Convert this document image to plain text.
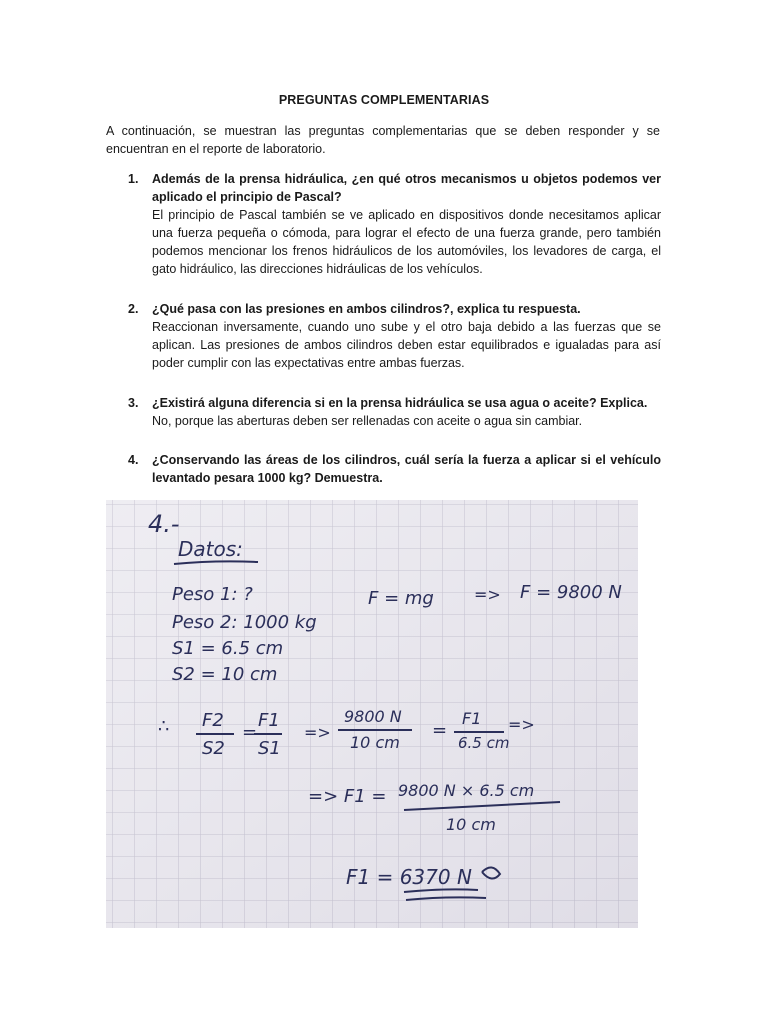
PREGUNTAS COMPLEMENTARIAS
A continuación, se muestran las preguntas complementarias que se deben responder y se encuentran en el reporte de laboratorio.
1. Además de la prensa hidráulica, ¿en qué otros mecanismos u objetos podemos ver aplicado el principio de Pascal?
El principio de Pascal también se ve aplicado en dispositivos donde necesitamos aplicar una fuerza pequeña o cómoda, para lograr el efecto de una fuerza grande, pero también podemos mencionar los frenos hidráulicos de los automóviles, los levadores de carga, el gato hidráulico, las direcciones hidráulicas de los vehículos.
2. ¿Qué pasa con las presiones en ambos cilindros?, explica tu respuesta.
Reaccionan inversamente, cuando uno sube y el otro baja debido a las fuerzas que se aplican. Las presiones de ambos cilindros deben estar equilibrados e igualadas para así poder cumplir con las expectativas entre ambas fuerzas.
3. ¿Existirá alguna diferencia si en la prensa hidráulica se usa agua o aceite? Explica.
No, porque las aberturas deben ser rellenadas con aceite o agua sin cambiar.
4. ¿Conservando las áreas de los cilindros, cuál sería la fuerza a aplicar si el vehículo levantado pesara 1000 kg? Demuestra.
4.-
Datos:
Peso 1: ?
Peso 2: 1000 kg
S1 = 6.5 cm
S2 = 10 cm
F = mg	=> F = 9800 N
∴ F2
S2
=
F1
S1
=>
9800 N
10 cm
=
F1
6.5 cm
=>
=> F1 = 9800 N × 6.5 cm
10 cm
F1 = 6370 N
